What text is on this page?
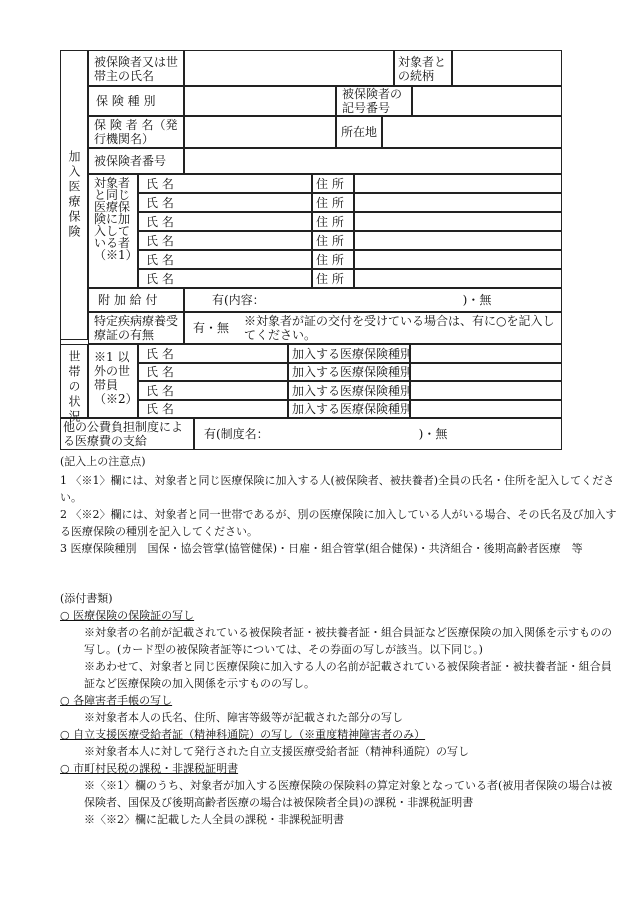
加入医療保険
被保険者又は世帯主の氏名
対象者との続柄
保 険 種 別	被保険者の記号番号
保 険 者 名（発行機関名）	所在地
被保険者番号
対象者と同じ医療保険に加入している者（※1）
氏 名	住 所
氏 名	住 所
氏 名	住 所
氏 名	住 所
氏 名	住 所
氏 名	住 所
附 加 給 付	有(内容：　　　　　　　　　　　　　　　　　)・無
特定疾病療養受療証の有無	有・無 ※対象者が証の交付を受けている場合は、有に○を記入してください。
世帯の状況 ※1 以外の世帯員（※2）
氏 名	加入する医療保険種別
氏 名	加入する医療保険種別
氏 名	加入する医療保険種別
氏 名	加入する医療保険種別
他の公費負担制度による医療費の支給	有(制度名：　　　　　　　　　　　　　)・無
(記入上の注意点)
1 〈※1〉欄には、対象者と同じ医療保険に加入する人(被保険者、被扶養者)全員の氏名・住所を記入してください。
2 〈※2〉欄には、対象者と同一世帯であるが、別の医療保険に加入している人がいる場合、その氏名及び加入する医療保険の種別を記入してください。
3 医療保険種別　国保・協会管掌(協管健保)・日雇・組合管掌(組合健保)・共済組合・後期高齢者医療　等
(添付書類)
○ 医療保険の保険証の写し
※対象者の名前が記載されている被保険者証・被扶養者証・組合員証など医療保険の加入関係を示すものの写し。(カード型の被保険者証等については、その券面の写しが該当。以下同じ。)
※あわせて、対象者と同じ医療保険に加入する人の名前が記載されている被保険者証・被扶養者証・組合員証など医療保険の加入関係を示すものの写し。
○ 各障害者手帳の写し
※対象者本人の氏名、住所、障害等級等が記載された部分の写し
○ 自立支援医療受給者証（精神科通院）の写し（※重度精神障害者のみ）
※対象者本人に対して発行された自立支援医療受給者証（精神科通院）の写し
○ 市町村民税の課税・非課税証明書
※〈※1〉欄のうち、対象者が加入する医療保険の保険料の算定対象となっている者(被用者保険の場合は被保険者、国保及び後期高齢者医療の場合は被保険者全員)の課税・非課税証明書
※〈※2〉欄に記載した人全員の課税・非課税証明書
